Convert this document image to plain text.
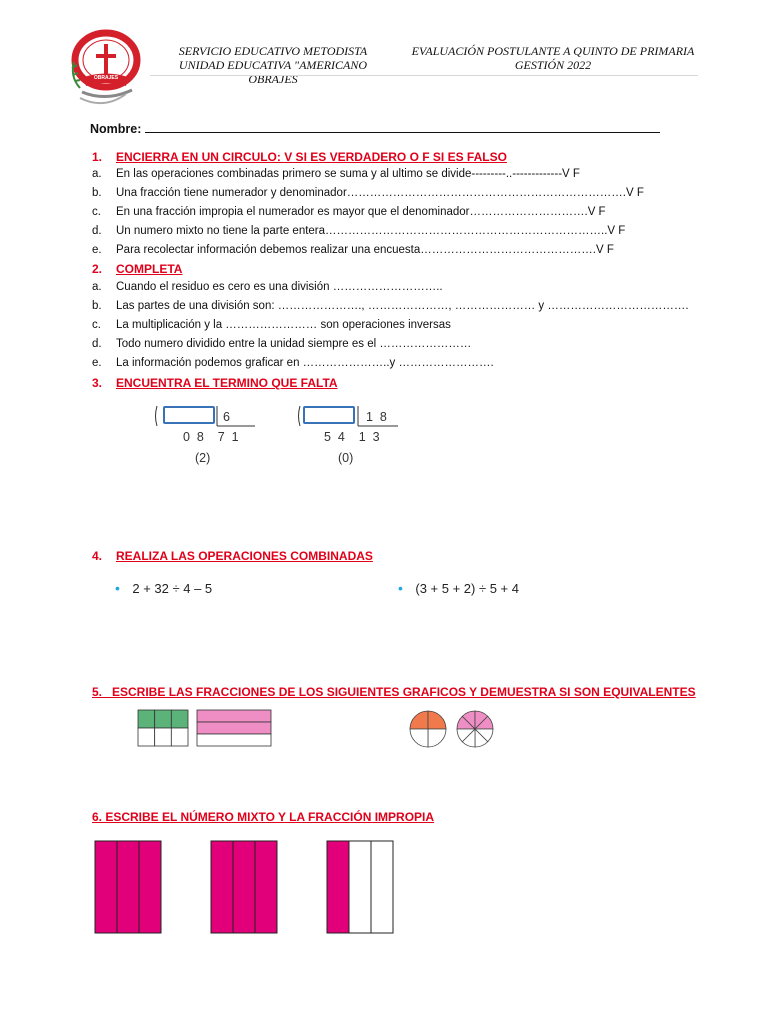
UNIDAD EDUCATIVA AMERICANO
OBRAJES
SERVICIO EDUCATIVO METODISTA
UNIDAD EDUCATIVA "AMERICANO OBRAJES
EVALUACIÓN POSTULANTE A QUINTO DE PRIMARIA
GESTIÓN 2022
Nombre:
1. ENCIERRA EN UN CIRCULO: V SI ES VERDADERO O F SI ES FALSO
a. En las operaciones combinadas primero se suma y al ultimo se divide---------..-------------V F
b. Una fracción tiene numerador y denominador……………………………………………………………….V F
c. En una fracción impropia el numerador es mayor que el denominador………………………….V F
d. Un numero mixto no tiene la parte entera………………………………………………………………..V F
e. Para recolectar información debemos realizar una encuesta……………………………………….V F
2. COMPLETA
a. Cuando el residuo es cero es una división ………………………..
b. Las partes de una división son: …………………., …………………, ………………… y ……………………………….
c. La multiplicación y la …………………… son operaciones inversas
d. Todo numero dividido entre la unidad siempre es el ……………………
e. La información podemos graficar en …………………..y …………………….
3. ENCUENTRA EL TERMINO QUE FALTA
6
0  8    7  1
(2)
1  8
5  4    1  3
(0)
4. REALIZA LAS OPERACIONES COMBINADAS
• 2 + 32 ÷ 4 – 5	• (3 + 5 + 2) ÷ 5 + 4
5.   ESCRIBE LAS FRACCIONES DE LOS SIGUIENTES GRAFICOS Y DEMUESTRA SI SON EQUIVALENTES
6. ESCRIBE EL NÚMERO MIXTO Y LA FRACCIÓN IMPROPIA
